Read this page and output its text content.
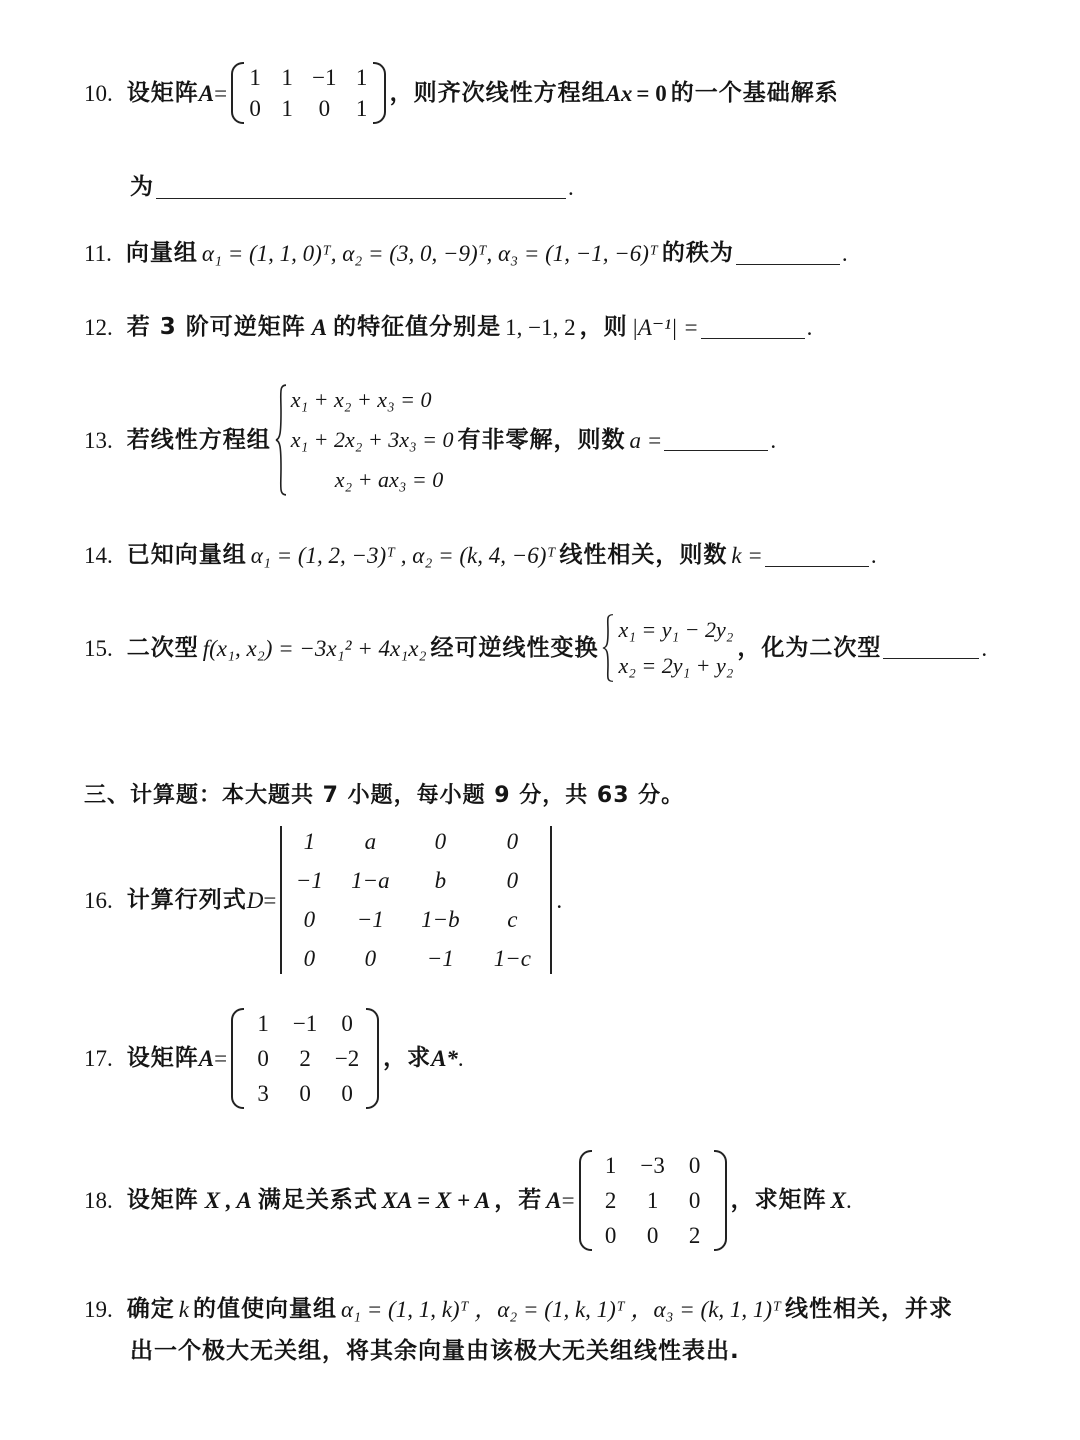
10. 设矩阵 A =
1 1 −1 1
0 1 0 1
，则齐次线性方程组 Ax = 0 的一个基础解系
为	.
11. 向量组 α₁ = (1, 1, 0)ᵀ, α₂ = (3, 0, −9)ᵀ, α₃ = (1, −1, −6)ᵀ 的秩为	.
12. 若 3 阶可逆矩阵 A 的特征值分别是 1, −1, 2 ，则 |A⁻¹| =	.
13. 若线性方程组
x₁ + x₂ + x₃ = 0
x₁ + 2x₂ + 3x₃ = 0
x₂ + ax₃ = 0
有非零解，则数 a =	.
14. 已知向量组 α₁ = (1, 2, −3)ᵀ , α₂ = (k, 4, −6)ᵀ 线性相关，则数 k =	.
15. 二次型 f(x₁, x₂) = −3x₁² + 4x₁x₂ 经可逆线性变换
x₁ = y₁ − 2y₂
x₂ = 2y₁ + y₂
，化为二次型	.
三、计算题：本大题共 7 小题，每小题 9 分，共 63 分。
16. 计算行列式 D =
1	a	0	0
−1 1−a	b	0
0	−1	1−b	c
0	0	−1	1−c
.
17. 设矩阵 A =
1	−1	0
0	2	−2
3	0	0
，求 A* .
18. 设矩阵 X , A 满足关系式 XA = X + A ，若 A =
1	−3	0
2	1	0
0	0	2
，求矩阵 X .
19. 确定 k 的值使向量组 α₁ = (1, 1, k)ᵀ ，α₂ = (1, k, 1)ᵀ ，α₃ = (k, 1, 1)ᵀ 线性相关，并求
出一个极大无关组，将其余向量由该极大无关组线性表出.
